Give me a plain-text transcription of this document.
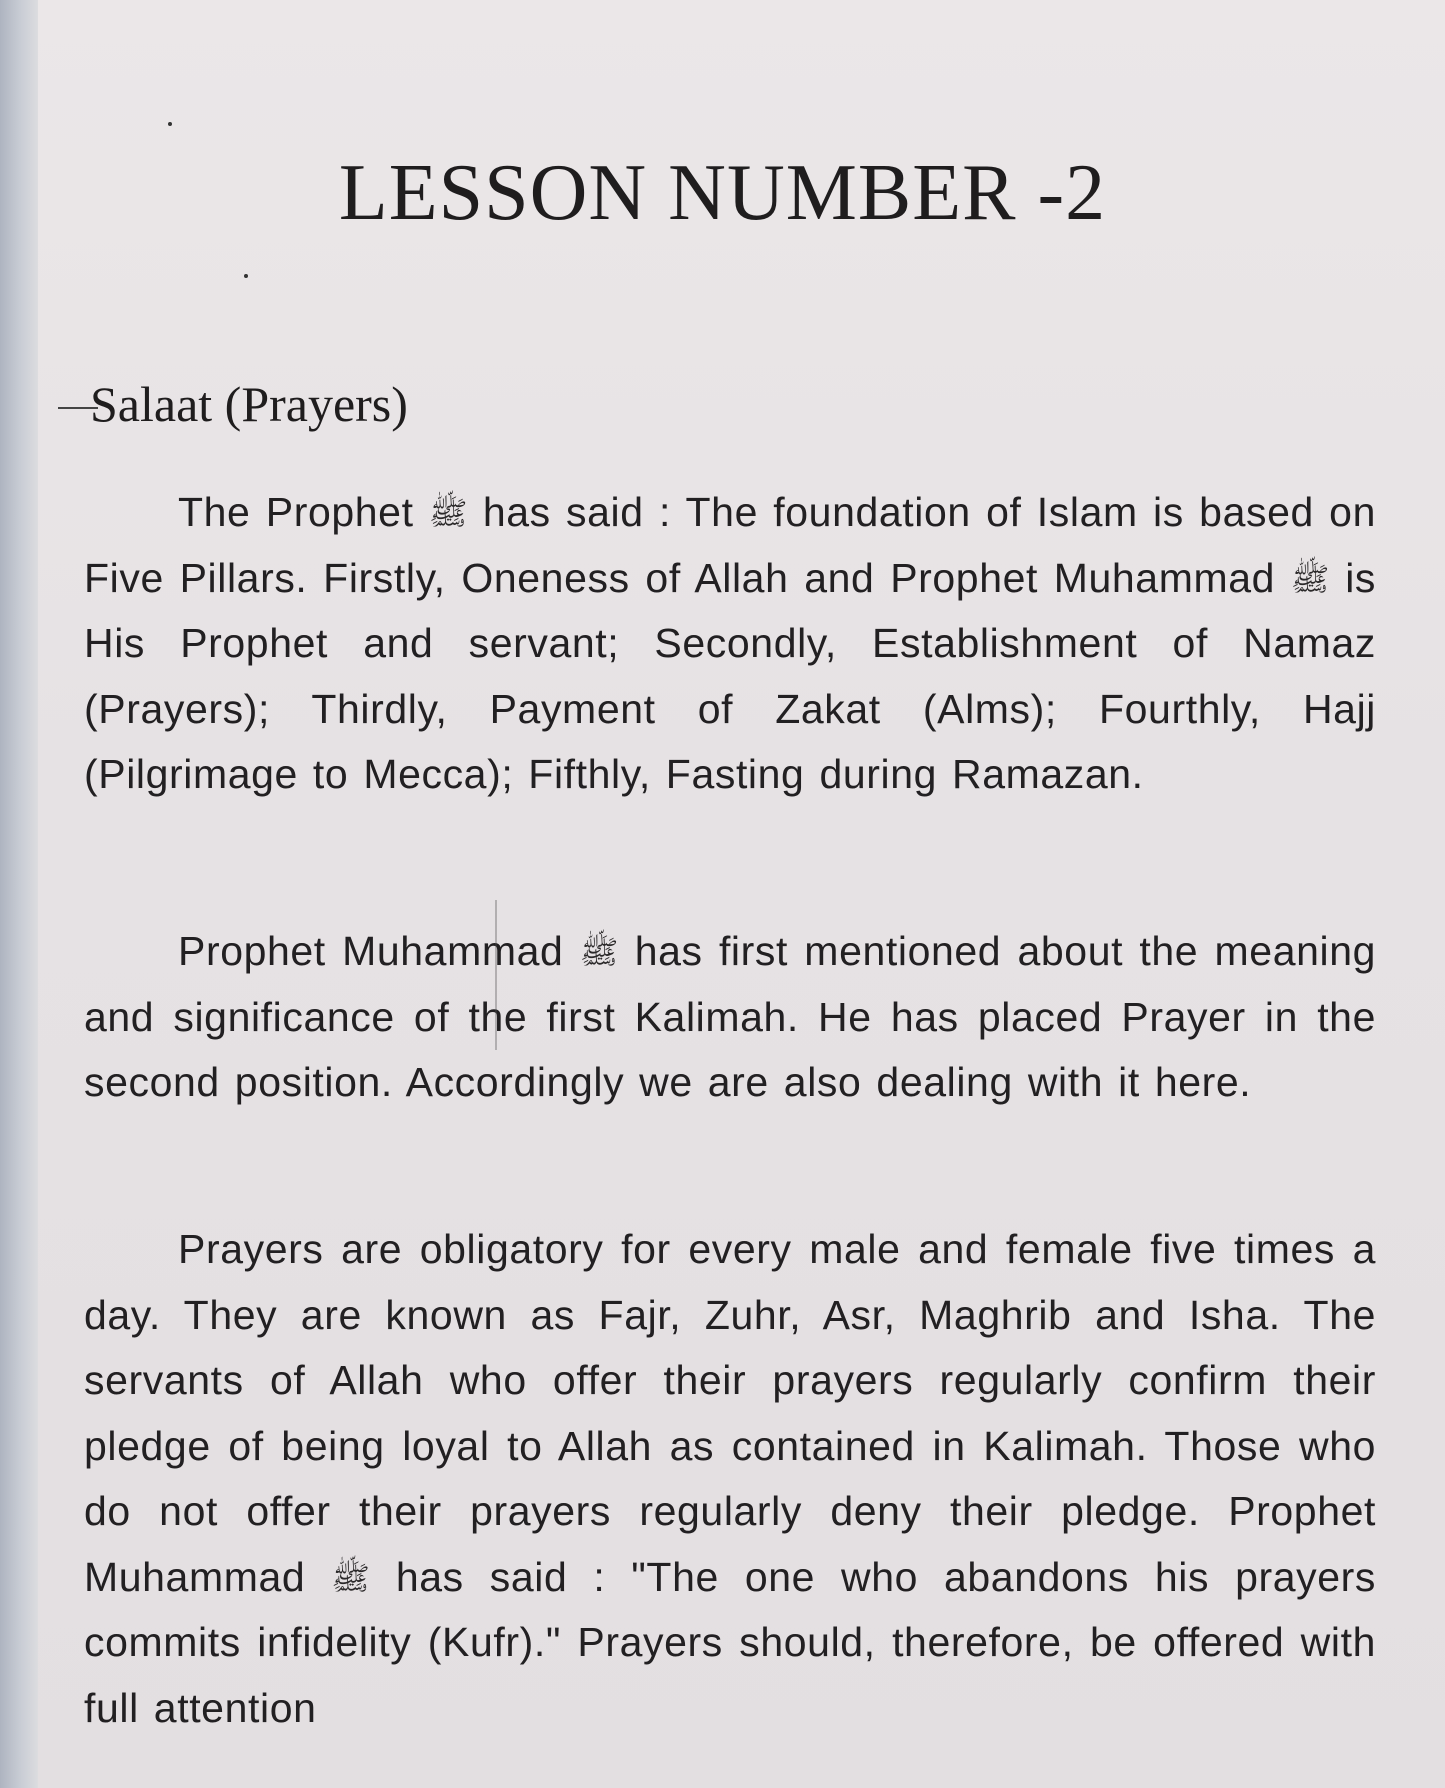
LESSON NUMBER -2
Salaat (Prayers)

The Prophet ﷺ has said : The foundation of Islam is based on Five Pillars. Firstly, Oneness of Allah and Prophet Muhammad ﷺ is His Prophet and servant; Secondly, Establishment of Namaz (Prayers); Thirdly, Payment of Zakat (Alms); Fourthly, Hajj (Pilgrimage to Mecca); Fifthly, Fasting during Ramazan.

Prophet Muhammad ﷺ has first mentioned about the meaning and significance of the first Kalimah. He has placed Prayer in the second position. Accordingly we are also dealing with it here.

Prayers are obligatory for every male and female five times a day. They are known as Fajr, Zuhr, Asr, Maghrib and Isha. The servants of Allah who offer their prayers regularly confirm their pledge of being loyal to Allah as contained in Kalimah. Those who do not offer their prayers regularly deny their pledge. Prophet Muhammad ﷺ has said : "The one who abandons his prayers commits infidelity (Kufr)." Prayers should, therefore, be offered with full attention
